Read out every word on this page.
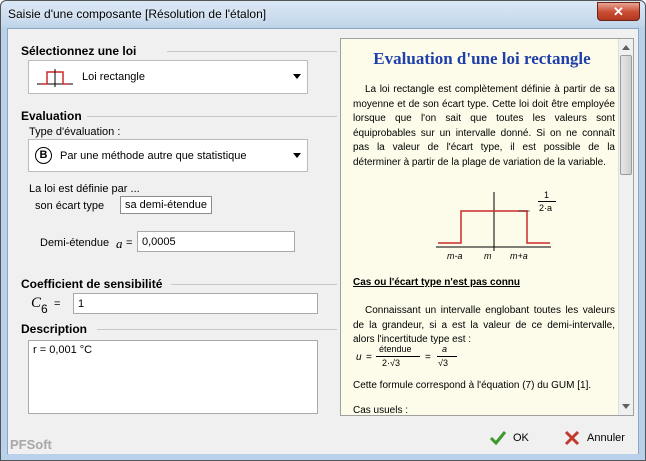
Saisie d'une composante [Résolution de l'étalon]	✕
Sélectionnez une loi
Loi rectangle
Evaluation
Type d'évaluation :
B	Par une méthode autre que statistique
La loi est définie par ...
son écart type	sa demi-étendue
Demi-étendue a =
0,0005
Coefficient de sensibilité
C 6 =
1
Description
r = 0,001 °C
Evaluation d'une loi rectangle

La loi rectangle est complètement définie à partir de sa moyenne et de son écart type. Cette loi doit être employée lorsque que l'on sait que toutes les valeurs sont équiprobables sur un intervalle donné. Si on ne connaît pas la valeur de l'écart type, il est possible de la déterminer à partir de la plage de variation de la variable.

1
2·a
m-a m m+a
Cas ou l'écart type n'est pas connu

Connaissant un intervalle englobant toutes les valeurs de la grandeur, si a est la valeur de ce demi-intervalle, alors l'incertitude type est :

u =
étendue
2·√3	=
a
√3

Cette formule correspond à l'équation (7) du GUM [1].

Cas usuels :

PFSoft	OK	Annuler
